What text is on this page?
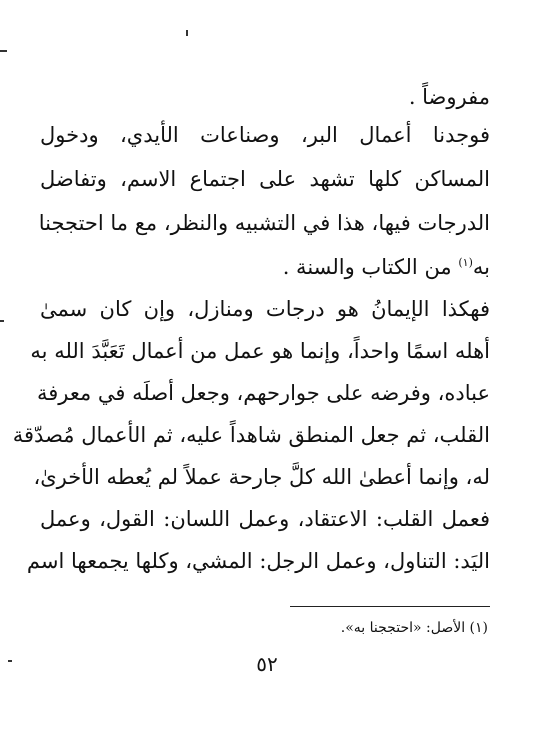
مفروضاً .
فوجدنا أعمال البر، وصناعات الأيدي، ودخول
المساكن كلها تشهد على اجتماع الاسم، وتفاضل
الدرجات فيها، هذا في التشبيه والنظر، مع ما احتججنا
به$^{(١)}$ من الكتاب والسنة .
فهكذا الإيمانُ هو درجات ومنازل، وإن كان سمىٰ
أهله اسمًا واحداً، وإنما هو عمل من أعمال تَعَبَّدَ الله به
عباده، وفرضه على جوارحهم، وجعل أصلَه في معرفة
القلب، ثم جعل المنطق شاهداً عليه، ثم الأعمال مُصدّقة
له، وإنما أعطىٰ الله كلَّ جارحة عملاً لم يُعطه الأخرىٰ،
فعمل القلب: الاعتقاد، وعمل اللسان: القول، وعمل
اليَد: التناول، وعمل الرجل: المشي، وكلها يجمعها اسم
(١) الأصل: «احتججنا به».
٥٢
